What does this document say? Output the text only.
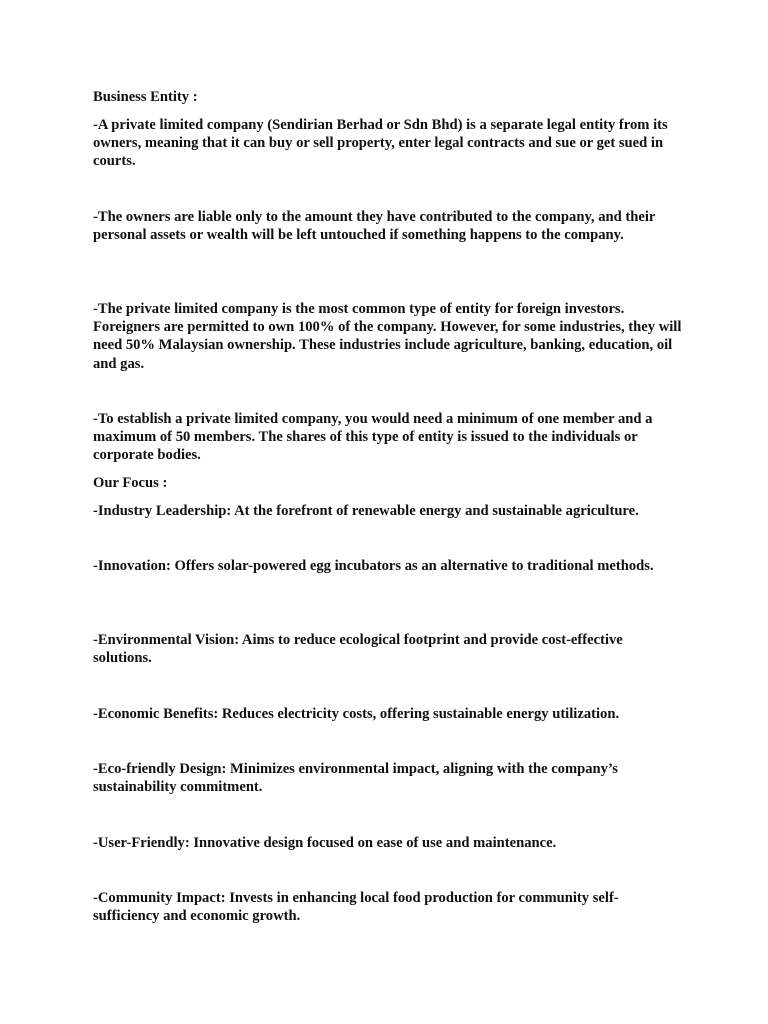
Business Entity :

-A private limited company (Sendirian Berhad or Sdn Bhd) is a separate legal entity from its owners, meaning that it can buy or sell property, enter legal contracts and sue or get sued in courts.

-The owners are liable only to the amount they have contributed to the company, and their personal assets or wealth will be left untouched if something happens to the company.

-The private limited company is the most common type of entity for foreign investors. Foreigners are permitted to own 100% of the company. However, for some industries, they will need 50% Malaysian ownership. These industries include agriculture, banking, education, oil and gas.

-To establish a private limited company, you would need a minimum of one member and a maximum of 50 members. The shares of this type of entity is issued to the individuals or corporate bodies.

Our Focus :

-Industry Leadership: At the forefront of renewable energy and sustainable agriculture.

-Innovation: Offers solar-powered egg incubators as an alternative to traditional methods.

-Environmental Vision: Aims to reduce ecological footprint and provide cost-effective solutions.

-Economic Benefits: Reduces electricity costs, offering sustainable energy utilization.

-Eco-friendly Design: Minimizes environmental impact, aligning with the company’s sustainability commitment.

-User-Friendly: Innovative design focused on ease of use and maintenance.

-Community Impact: Invests in enhancing local food production for community self-sufficiency and economic growth.
